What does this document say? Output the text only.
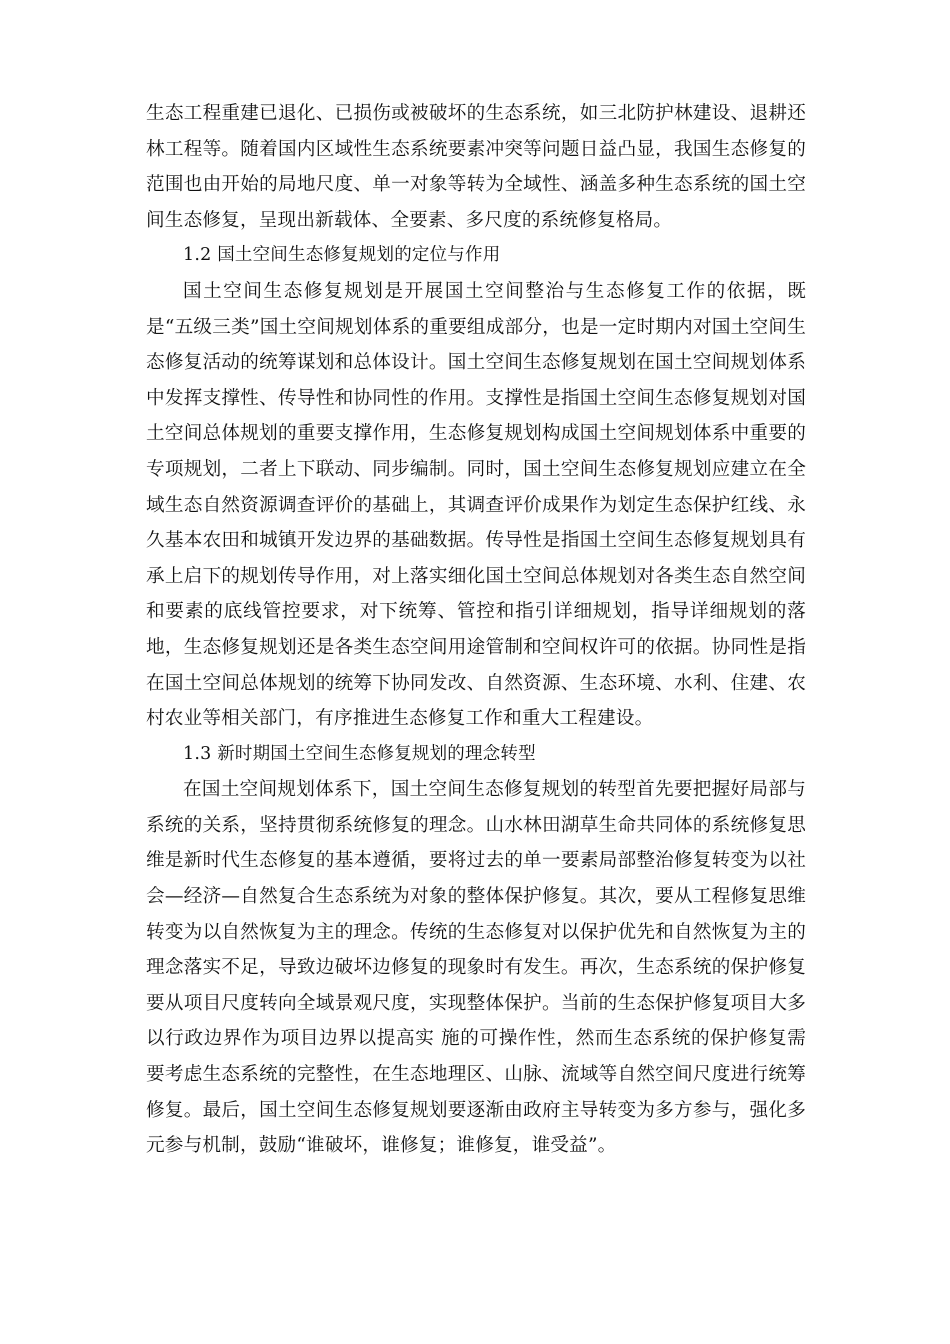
生态工程重建已退化、已损伤或被破坏的生态系统，如三北防护林建设、退耕还林工程等。随着国内区域性生态系统要素冲突等问题日益凸显，我国生态修复的范围也由开始的局地尺度、单一对象等转为全域性、涵盖多种生态系统的国土空间生态修复，呈现出新载体、全要素、多尺度的系统修复格局。

1.2 国土空间生态修复规划的定位与作用

国土空间生态修复规划是开展国土空间整治与生态修复工作的依据，既是“五级三类”国土空间规划体系的重要组成部分，也是一定时期内对国土空间生态修复活动的统筹谋划和总体设计。国土空间生态修复规划在国土空间规划体系中发挥支撑性、传导性和协同性的作用。支撑性是指国土空间生态修复规划对国土空间总体规划的重要支撑作用，生态修复规划构成国土空间规划体系中重要的专项规划，二者上下联动、同步编制。同时，国土空间生态修复规划应建立在全域生态自然资源调查评价的基础上，其调查评价成果作为划定生态保护红线、永久基本农田和城镇开发边界的基础数据。传导性是指国土空间生态修复规划具有承上启下的规划传导作用，对上落实细化国土空间总体规划对各类生态自然空间和要素的底线管控要求，对下统筹、管控和指引详细规划，指导详细规划的落地，生态修复规划还是各类生态空间用途管制和空间权许可的依据。协同性是指在国土空间总体规划的统筹下协同发改、自然资源、生态环境、水利、住建、农村农业等相关部门，有序推进生态修复工作和重大工程建设。

1.3 新时期国土空间生态修复规划的理念转型

在国土空间规划体系下，国土空间生态修复规划的转型首先要把握好局部与系统的关系，坚持贯彻系统修复的理念。山水林田湖草生命共同体的系统修复思维是新时代生态修复的基本遵循，要将过去的单一要素局部整治修复转变为以社会—经济—自然复合生态系统为对象的整体保护修复。其次，要从工程修复思维转变为以自然恢复为主的理念。传统的生态修复对以保护优先和自然恢复为主的理念落实不足，导致边破坏边修复的现象时有发生。再次，生态系统的保护修复要从项目尺度转向全域景观尺度，实现整体保护。当前的生态保护修复项目大多以行政边界作为项目边界以提高实 施的可操作性，然而生态系统的保护修复需要考虑生态系统的完整性，在生态地理区、山脉、流域等自然空间尺度进行统筹修复。最后，国土空间生态修复规划要逐渐由政府主导转变为多方参与，强化多元参与机制，鼓励“谁破坏，谁修复；谁修复，谁受益”。
